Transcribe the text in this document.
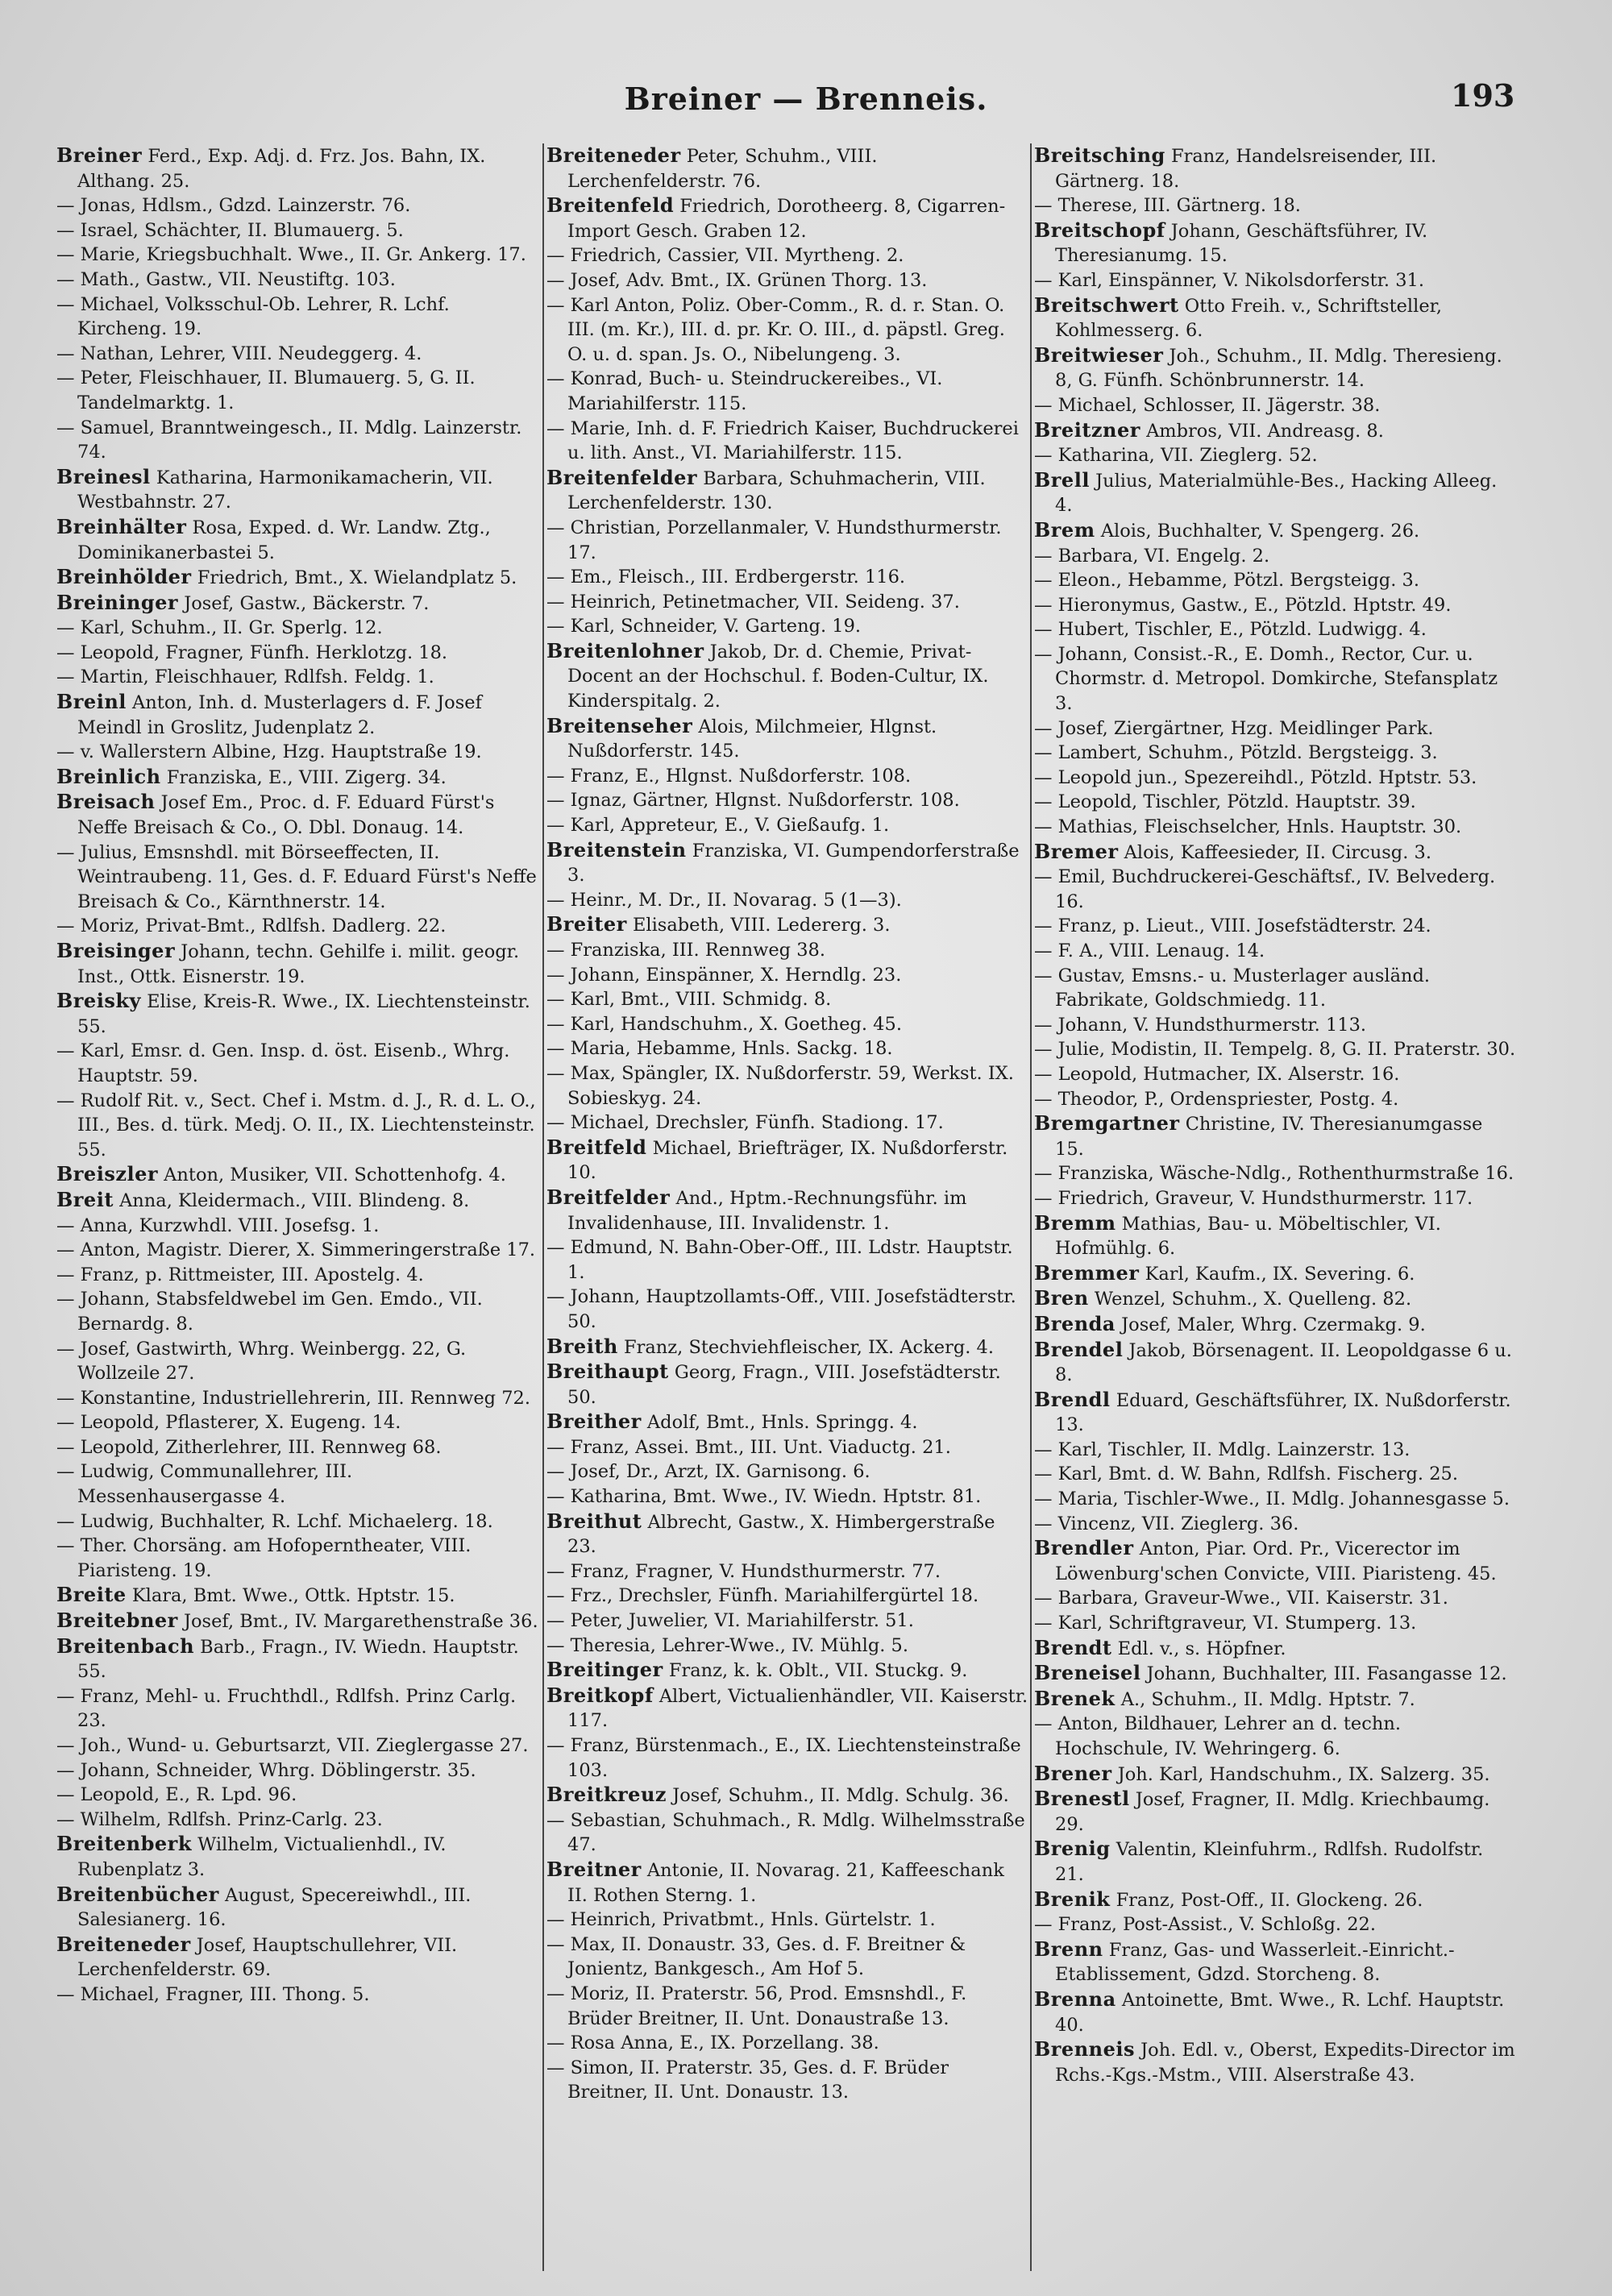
Breiner — Brenneis.	193

Breiner Ferd., Exp. Adj. d. Frz. Jos. Bahn, IX. Althang. 25.

— Jonas, Hdlsm., Gdzd. Lainzerstr. 76.

— Israel, Schächter, II. Blumauerg. 5.

— Marie, Kriegsbuchhalt. Wwe., II. Gr. Ankerg. 17.

— Math., Gastw., VII. Neustiftg. 103.

— Michael, Volksschul-Ob. Lehrer, R. Lchf. Kircheng. 19.

— Nathan, Lehrer, VIII. Neudeggerg. 4.

— Peter, Fleischhauer, II. Blumauerg. 5, G. II. Tandelmarktg. 1.

— Samuel, Branntweingesch., II. Mdlg. Lainzerstr. 74.

Breinesl Katharina, Harmonikamacherin, VII. Westbahnstr. 27.

Breinhälter Rosa, Exped. d. Wr. Landw. Ztg., Dominikanerbastei 5.

Breinhölder Friedrich, Bmt., X. Wielandplatz 5.

Breininger Josef, Gastw., Bäckerstr. 7.

— Karl, Schuhm., II. Gr. Sperlg. 12.

— Leopold, Fragner, Fünfh. Herklotzg. 18.

— Martin, Fleischhauer, Rdlfsh. Feldg. 1.

Breinl Anton, Inh. d. Musterlagers d. F. Josef Meindl in Groslitz, Judenplatz 2.

— v. Wallerstern Albine, Hzg. Hauptstraße 19.

Breinlich Franziska, E., VIII. Zigerg. 34.

Breisach Josef Em., Proc. d. F. Eduard Fürst's Neffe Breisach & Co., O. Dbl. Donaug. 14.

— Julius, Emsnshdl. mit Börseeffecten, II. Weintraubeng. 11, Ges. d. F. Eduard Fürst's Neffe Breisach & Co., Kärnthnerstr. 14.

— Moriz, Privat-Bmt., Rdlfsh. Dadlerg. 22.

Breisinger Johann, techn. Gehilfe i. milit. geogr. Inst., Ottk. Eisnerstr. 19.

Breisky Elise, Kreis-R. Wwe., IX. Liechtensteinstr. 55.

— Karl, Emsr. d. Gen. Insp. d. öst. Eisenb., Whrg. Hauptstr. 59.

— Rudolf Rit. v., Sect. Chef i. Mstm. d. J., R. d. L. O., III., Bes. d. türk. Medj. O. II., IX. Liechtensteinstr. 55.

Breiszler Anton, Musiker, VII. Schottenhofg. 4.

Breit Anna, Kleidermach., VIII. Blindeng. 8.

— Anna, Kurzwhdl. VIII. Josefsg. 1.

— Anton, Magistr. Dierer, X. Simmeringerstraße 17.

— Franz, p. Rittmeister, III. Apostelg. 4.

— Johann, Stabsfeldwebel im Gen. Emdo., VII. Bernardg. 8.

— Josef, Gastwirth, Whrg. Weinbergg. 22, G. Wollzeile 27.

— Konstantine, Industriellehrerin, III. Rennweg 72.

— Leopold, Pflasterer, X. Eugeng. 14.

— Leopold, Zitherlehrer, III. Rennweg 68.

— Ludwig, Communallehrer, III. Messenhausergasse 4.

— Ludwig, Buchhalter, R. Lchf. Michaelerg. 18.

— Ther. Chorsäng. am Hofoperntheater, VIII. Piaristeng. 19.

Breite Klara, Bmt. Wwe., Ottk. Hptstr. 15.

Breitebner Josef, Bmt., IV. Margarethenstraße 36.

Breitenbach Barb., Fragn., IV. Wiedn. Hauptstr. 55.

— Franz, Mehl- u. Fruchthdl., Rdlfsh. Prinz Carlg. 23.

— Joh., Wund- u. Geburtsarzt, VII. Zieglergasse 27.

— Johann, Schneider, Whrg. Döblingerstr. 35.

— Leopold, E., R. Lpd. 96.

— Wilhelm, Rdlfsh. Prinz-Carlg. 23.

Breitenberk Wilhelm, Victualienhdl., IV. Rubenplatz 3.

Breitenbücher August, Specereiwhdl., III. Salesianerg. 16.

Breiteneder Josef, Hauptschullehrer, VII. Lerchenfelderstr. 69.

— Michael, Fragner, III. Thong. 5.

Breiteneder Peter, Schuhm., VIII. Lerchenfelderstr. 76.

Breitenfeld Friedrich, Dorotheerg. 8, Cigarren-Import Gesch. Graben 12.

— Friedrich, Cassier, VII. Myrtheng. 2.

— Josef, Adv. Bmt., IX. Grünen Thorg. 13.

— Karl Anton, Poliz. Ober-Comm., R. d. r. Stan. O. III. (m. Kr.), III. d. pr. Kr. O. III., d. päpstl. Greg. O. u. d. span. Js. O., Nibelungeng. 3.

— Konrad, Buch- u. Steindruckereibes., VI. Mariahilferstr. 115.

— Marie, Inh. d. F. Friedrich Kaiser, Buchdruckerei u. lith. Anst., VI. Mariahilferstr. 115.

Breitenfelder Barbara, Schuhmacherin, VIII. Lerchenfelderstr. 130.

— Christian, Porzellanmaler, V. Hundsthurmerstr. 17.

— Em., Fleisch., III. Erdbergerstr. 116.

— Heinrich, Petinetmacher, VII. Seideng. 37.

— Karl, Schneider, V. Garteng. 19.

Breitenlohner Jakob, Dr. d. Chemie, Privat-Docent an der Hochschul. f. Boden-Cultur, IX. Kinderspitalg. 2.

Breitenseher Alois, Milchmeier, Hlgnst. Nußdorferstr. 145.

— Franz, E., Hlgnst. Nußdorferstr. 108.

— Ignaz, Gärtner, Hlgnst. Nußdorferstr. 108.

— Karl, Appreteur, E., V. Gießaufg. 1.

Breitenstein Franziska, VI. Gumpendorferstraße 3.

— Heinr., M. Dr., II. Novarag. 5 (1—3).

Breiter Elisabeth, VIII. Ledererg. 3.

— Franziska, III. Rennweg 38.

— Johann, Einspänner, X. Herndlg. 23.

— Karl, Bmt., VIII. Schmidg. 8.

— Karl, Handschuhm., X. Goetheg. 45.

— Maria, Hebamme, Hnls. Sackg. 18.

— Max, Spängler, IX. Nußdorferstr. 59, Werkst. IX. Sobieskyg. 24.

— Michael, Drechsler, Fünfh. Stadiong. 17.

Breitfeld Michael, Briefträger, IX. Nußdorferstr. 10.

Breitfelder And., Hptm.-Rechnungsführ. im Invalidenhause, III. Invalidenstr. 1.

— Edmund, N. Bahn-Ober-Off., III. Ldstr. Hauptstr. 1.

— Johann, Hauptzollamts-Off., VIII. Josefstädterstr. 50.

Breith Franz, Stechviehfleischer, IX. Ackerg. 4.

Breithaupt Georg, Fragn., VIII. Josefstädterstr. 50.

Breither Adolf, Bmt., Hnls. Springg. 4.

— Franz, Assei. Bmt., III. Unt. Viaductg. 21.

— Josef, Dr., Arzt, IX. Garnisong. 6.

— Katharina, Bmt. Wwe., IV. Wiedn. Hptstr. 81.

Breithut Albrecht, Gastw., X. Himbergerstraße 23.

— Franz, Fragner, V. Hundsthurmerstr. 77.

— Frz., Drechsler, Fünfh. Mariahilfergürtel 18.

— Peter, Juwelier, VI. Mariahilferstr. 51.

— Theresia, Lehrer-Wwe., IV. Mühlg. 5.

Breitinger Franz, k. k. Oblt., VII. Stuckg. 9.

Breitkopf Albert, Victualienhändler, VII. Kaiserstr. 117.

— Franz, Bürstenmach., E., IX. Liechtensteinstraße 103.

Breitkreuz Josef, Schuhm., II. Mdlg. Schulg. 36.

— Sebastian, Schuhmach., R. Mdlg. Wilhelmsstraße 47.

Breitner Antonie, II. Novarag. 21, Kaffeeschank II. Rothen Sterng. 1.

— Heinrich, Privatbmt., Hnls. Gürtelstr. 1.

— Max, II. Donaustr. 33, Ges. d. F. Breitner & Jonientz, Bankgesch., Am Hof 5.

— Moriz, II. Praterstr. 56, Prod. Emsnshdl., F. Brüder Breitner, II. Unt. Donaustraße 13.

— Rosa Anna, E., IX. Porzellang. 38.

— Simon, II. Praterstr. 35, Ges. d. F. Brüder Breitner, II. Unt. Donaustr. 13.

Breitsching Franz, Handelsreisender, III. Gärtnerg. 18.

— Therese, III. Gärtnerg. 18.

Breitschopf Johann, Geschäftsführer, IV. Theresianumg. 15.

— Karl, Einspänner, V. Nikolsdorferstr. 31.

Breitschwert Otto Freih. v., Schriftsteller, Kohlmesserg. 6.

Breitwieser Joh., Schuhm., II. Mdlg. Theresieng. 8, G. Fünfh. Schönbrunnerstr. 14.

— Michael, Schlosser, II. Jägerstr. 38.

Breitzner Ambros, VII. Andreasg. 8.

— Katharina, VII. Zieglerg. 52.

Brell Julius, Materialmühle-Bes., Hacking Alleeg. 4.

Brem Alois, Buchhalter, V. Spengerg. 26.

— Barbara, VI. Engelg. 2.

— Eleon., Hebamme, Pötzl. Bergsteigg. 3.

— Hieronymus, Gastw., E., Pötzld. Hptstr. 49.

— Hubert, Tischler, E., Pötzld. Ludwigg. 4.

— Johann, Consist.-R., E. Domh., Rector, Cur. u. Chormstr. d. Metropol. Domkirche, Stefansplatz 3.

— Josef, Ziergärtner, Hzg. Meidlinger Park.

— Lambert, Schuhm., Pötzld. Bergsteigg. 3.

— Leopold jun., Spezereihdl., Pötzld. Hptstr. 53.

— Leopold, Tischler, Pötzld. Hauptstr. 39.

— Mathias, Fleischselcher, Hnls. Hauptstr. 30.

Bremer Alois, Kaffeesieder, II. Circusg. 3.

— Emil, Buchdruckerei-Geschäftsf., IV. Belvederg. 16.

— Franz, p. Lieut., VIII. Josefstädterstr. 24.

— F. A., VIII. Lenaug. 14.

— Gustav, Emsns.- u. Musterlager ausländ. Fabrikate, Goldschmiedg. 11.

— Johann, V. Hundsthurmerstr. 113.

— Julie, Modistin, II. Tempelg. 8, G. II. Praterstr. 30.

— Leopold, Hutmacher, IX. Alserstr. 16.

— Theodor, P., Ordenspriester, Postg. 4.

Bremgartner Christine, IV. Theresianumgasse 15.

— Franziska, Wäsche-Ndlg., Rothenthurmstraße 16.

— Friedrich, Graveur, V. Hundsthurmerstr. 117.

Bremm Mathias, Bau- u. Möbeltischler, VI. Hofmühlg. 6.

Bremmer Karl, Kaufm., IX. Severing. 6.

Bren Wenzel, Schuhm., X. Quelleng. 82.

Brenda Josef, Maler, Whrg. Czermakg. 9.

Brendel Jakob, Börsenagent. II. Leopoldgasse 6 u. 8.

Brendl Eduard, Geschäftsführer, IX. Nußdorferstr. 13.

— Karl, Tischler, II. Mdlg. Lainzerstr. 13.

— Karl, Bmt. d. W. Bahn, Rdlfsh. Fischerg. 25.

— Maria, Tischler-Wwe., II. Mdlg. Johannesgasse 5.

— Vincenz, VII. Zieglerg. 36.

Brendler Anton, Piar. Ord. Pr., Vicerector im Löwenburg'schen Convicte, VIII. Piaristeng. 45.

— Barbara, Graveur-Wwe., VII. Kaiserstr. 31.

— Karl, Schriftgraveur, VI. Stumperg. 13.

Brendt Edl. v., s. Höpfner.

Breneisel Johann, Buchhalter, III. Fasangasse 12.

Brenek A., Schuhm., II. Mdlg. Hptstr. 7.

— Anton, Bildhauer, Lehrer an d. techn. Hochschule, IV. Wehringerg. 6.

Brener Joh. Karl, Handschuhm., IX. Salzerg. 35.

Brenestl Josef, Fragner, II. Mdlg. Kriechbaumg. 29.

Brenig Valentin, Kleinfuhrm., Rdlfsh. Rudolfstr. 21.

Brenik Franz, Post-Off., II. Glockeng. 26.

— Franz, Post-Assist., V. Schloßg. 22.

Brenn Franz, Gas- und Wasserleit.-Einricht.-Etablissement, Gdzd. Storcheng. 8.

Brenna Antoinette, Bmt. Wwe., R. Lchf. Hauptstr. 40.

Brenneis Joh. Edl. v., Oberst, Expedits-Director im Rchs.-Kgs.-Mstm., VIII. Alserstraße 43.
